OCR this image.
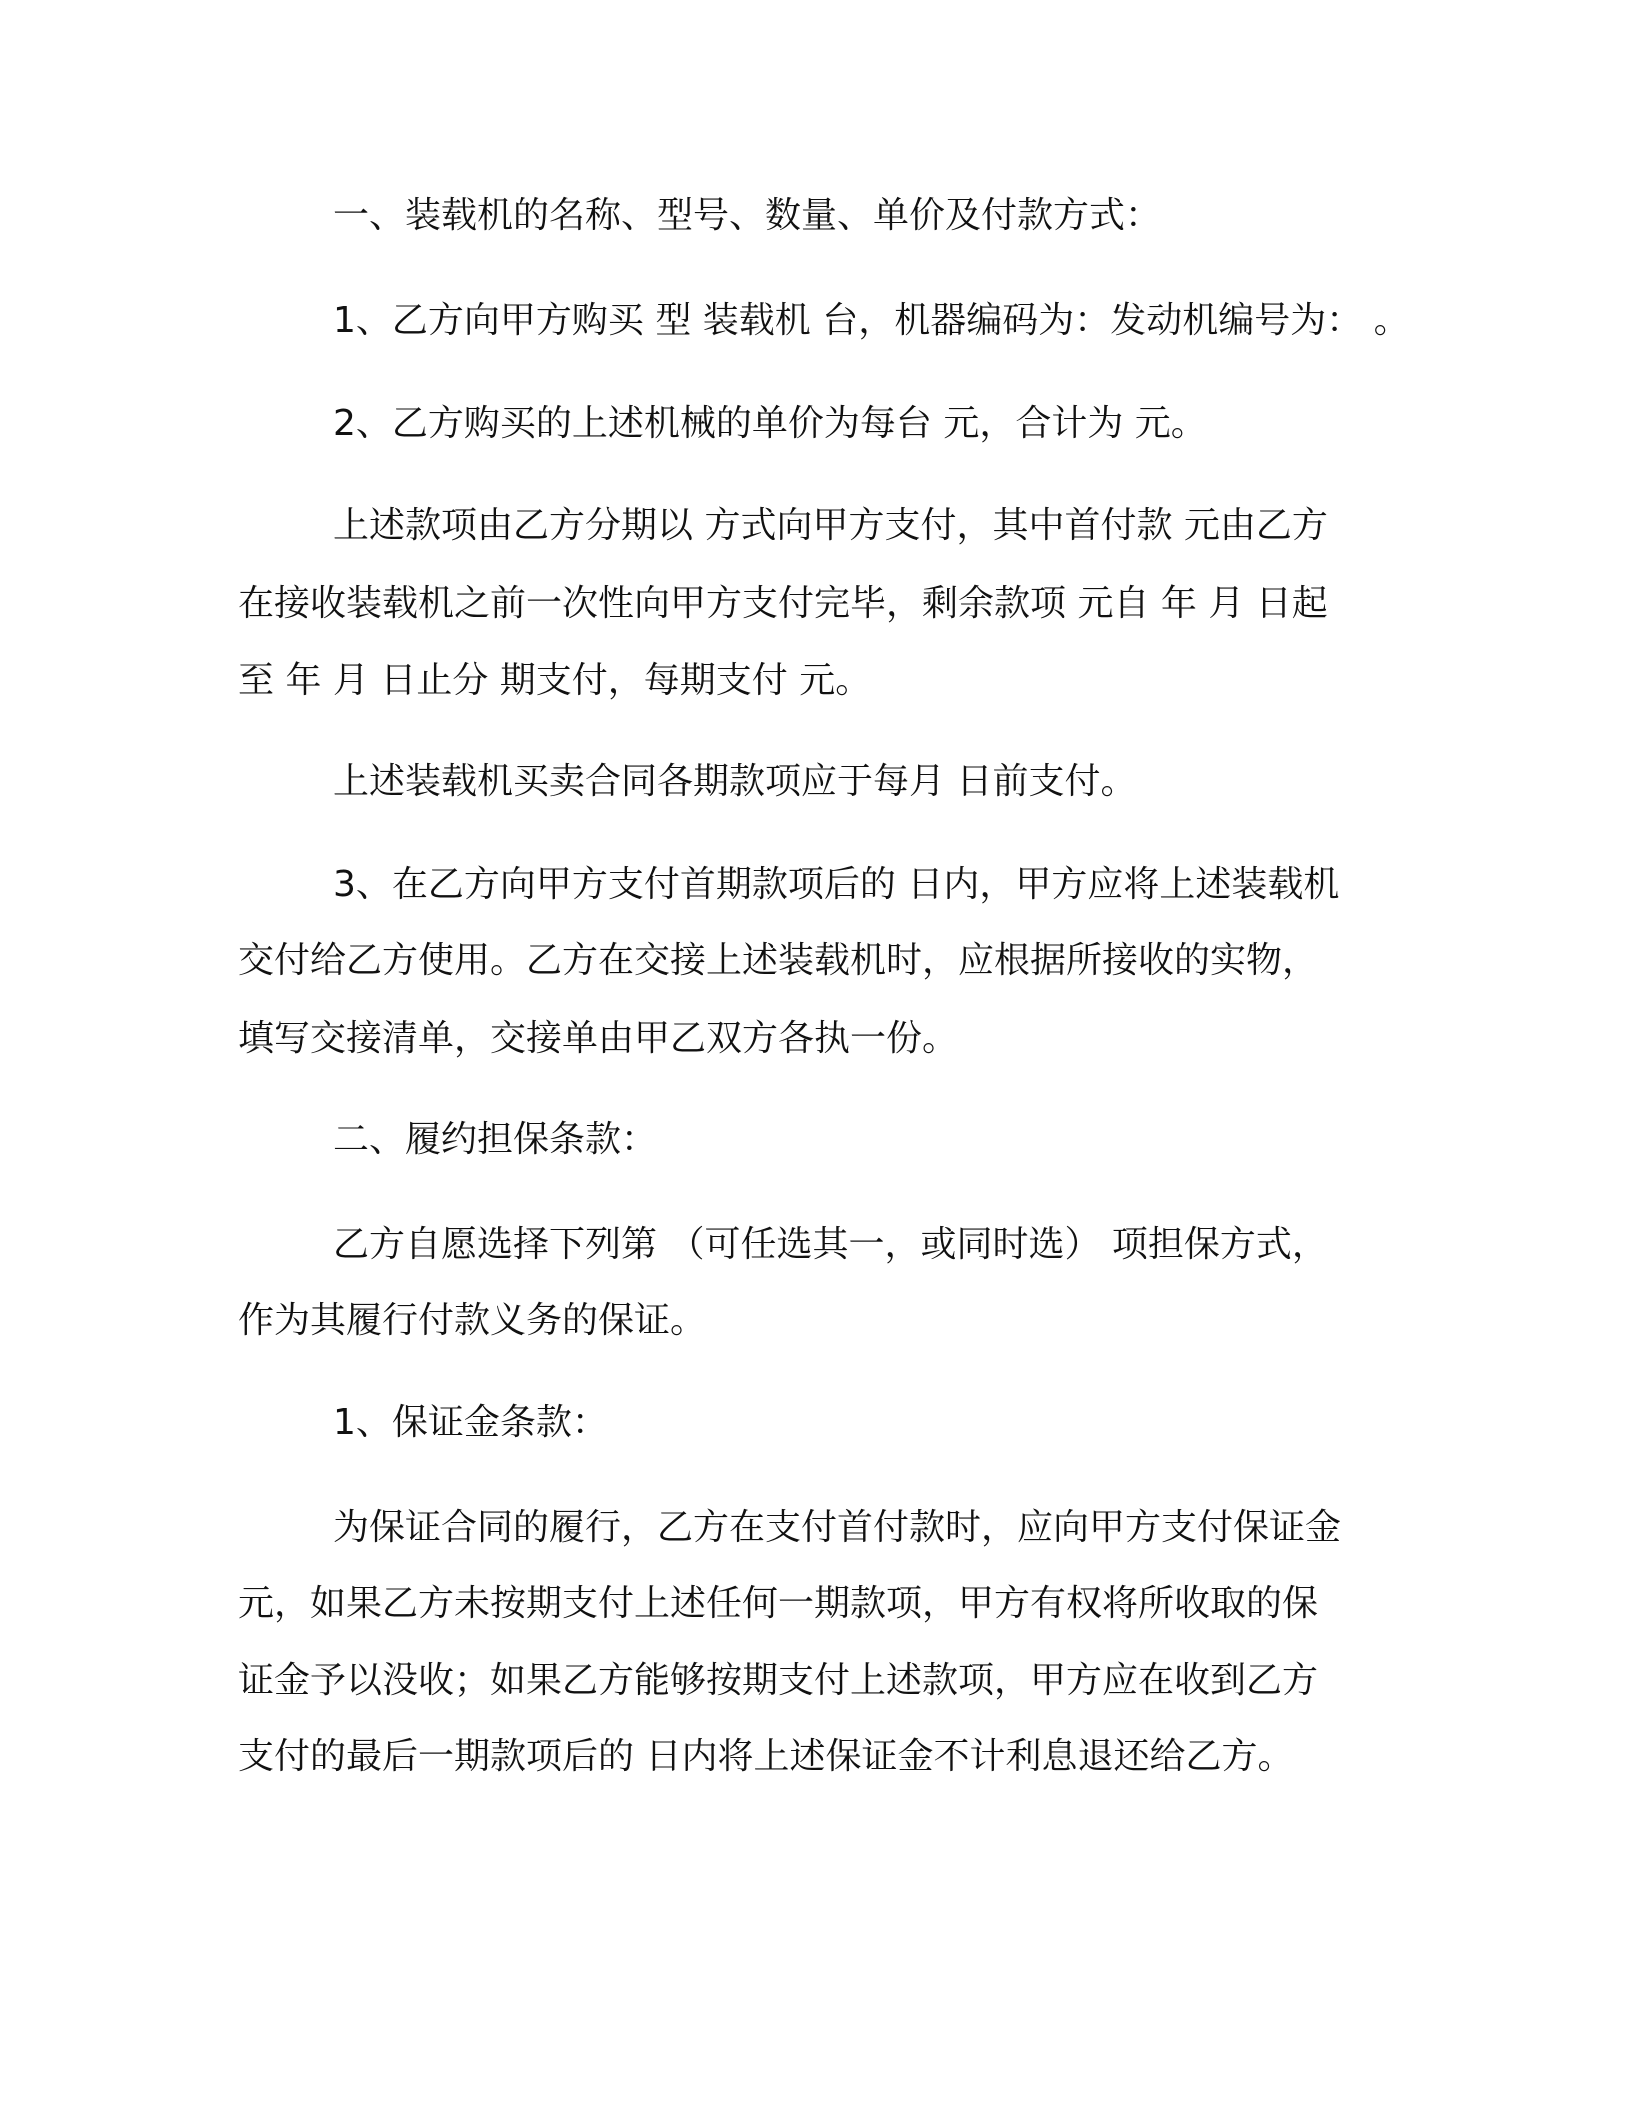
一、装载机的名称、型号、数量、单价及付款方式：
1、乙方向甲方购买 型 装载机 台，机器编码为：发动机编号为： 。
2、乙方购买的上述机械的单价为每台 元，合计为 元。
上述款项由乙方分期以 方式向甲方支付，其中首付款 元由乙方
在接收装载机之前一次性向甲方支付完毕，剩余款项 元自 年 月 日起
至 年 月 日止分 期支付，每期支付 元。
上述装载机买卖合同各期款项应于每月 日前支付。
3、在乙方向甲方支付首期款项后的 日内，甲方应将上述装载机
交付给乙方使用。乙方在交接上述装载机时，应根据所接收的实物，
填写交接清单，交接单由甲乙双方各执一份。
二、履约担保条款：
乙方自愿选择下列第 （可任选其一，或同时选） 项担保方式，
作为其履行付款义务的保证。
1、保证金条款：
为保证合同的履行，乙方在支付首付款时，应向甲方支付保证金
元，如果乙方未按期支付上述任何一期款项，甲方有权将所收取的保
证金予以没收；如果乙方能够按期支付上述款项，甲方应在收到乙方
支付的最后一期款项后的 日内将上述保证金不计利息退还给乙方。
